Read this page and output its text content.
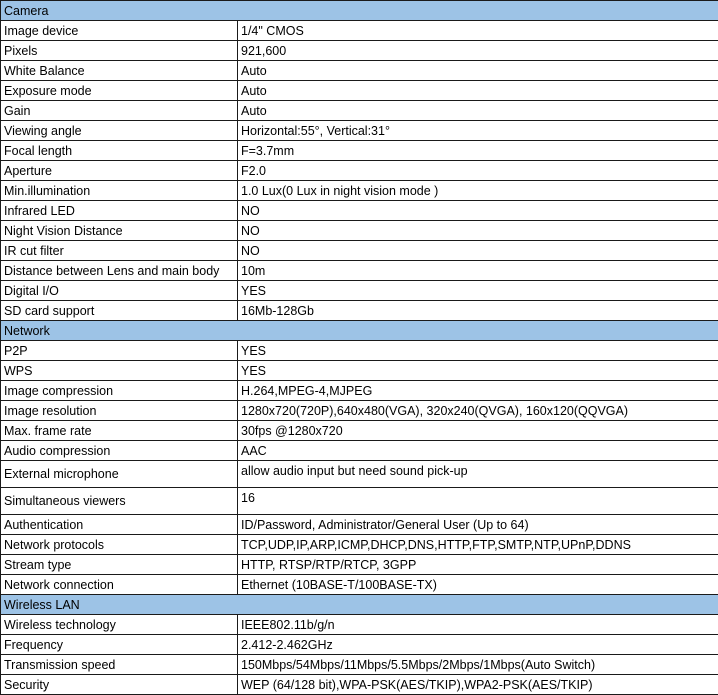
Camera	
Image device	1/4" CMOS
Pixels	921,600
White Balance	Auto
Exposure mode	Auto
Gain	Auto
Viewing angle	Horizontal:55°, Vertical:31°
Focal length	F=3.7mm
Aperture	F2.0
Min.illumination	1.0 Lux(0 Lux in night vision mode )
Infrared LED	NO
Night Vision Distance	NO
IR cut filter	NO
Distance between Lens and main body	10m
Digital I/O	YES
SD card support	16Mb-128Gb
Network	
P2P	YES
WPS	YES
Image compression	H.264,MPEG-4,MJPEG
Image resolution	1280x720(720P),640x480(VGA), 320x240(QVGA), 160x120(QQVGA)
Max. frame rate	30fps @1280x720
Audio compression	AAC
External microphone	allow audio input but need sound pick-up
Simultaneous viewers	16
Authentication	ID/Password, Administrator/General User (Up to 64)
Network protocols	TCP,UDP,IP,ARP,ICMP,DHCP,DNS,HTTP,FTP,SMTP,NTP,UPnP,DDNS
Stream type	HTTP, RTSP/RTP/RTCP, 3GPP
Network connection	Ethernet (10BASE-T/100BASE-TX)
Wireless LAN	
Wireless technology	IEEE802.11b/g/n
Frequency	2.412-2.462GHz
Transmission speed	150Mbps/54Mbps/11Mbps/5.5Mbps/2Mbps/1Mbps(Auto Switch)
Security	WEP (64/128 bit),WPA-PSK(AES/TKIP),WPA2-PSK(AES/TKIP)
